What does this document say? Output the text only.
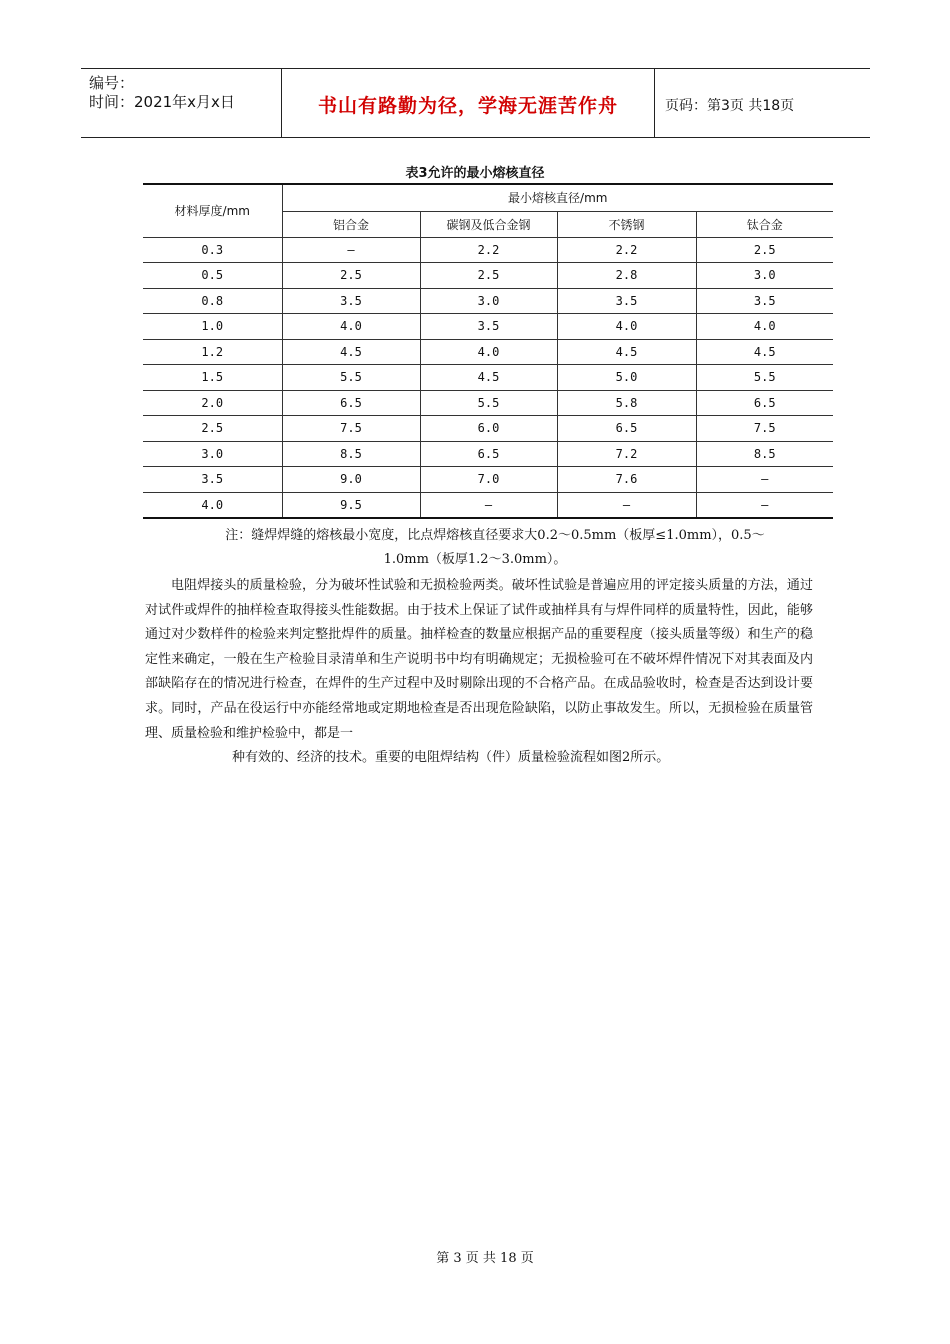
编号：
时间：2021年x月x日	书山有路勤为径，学海无涯苦作舟	页码：第3页 共18页
表3允许的最小熔核直径
材料厚度/mm	最小熔核直径/mm			
	铝合金	碳钢及低合金钢	不锈钢	钛合金
0.3	—	2.2	2.2	2.5
0.5	2.5	2.5	2.8	3.0
0.8	3.5	3.0	3.5	3.5
1.0	4.0	3.5	4.0	4.0
1.2	4.5	4.0	4.5	4.5
1.5	5.5	4.5	5.0	5.5
2.0	6.5	5.5	5.8	6.5
2.5	7.5	6.0	6.5	7.5
3.0	8.5	6.5	7.2	8.5
3.5	9.0	7.0	7.6	—
4.0	9.5	—	—	—
注：缝焊焊缝的熔核最小宽度，比点焊熔核直径要求大0.2～0.5mm（板厚≤1.0mm），0.5～
1.0mm（板厚1.2～3.0mm）。
电阻焊接头的质量检验，分为破坏性试验和无损检验两类。破坏性试验是普遍应用的评定接头质量的方法，通过对试件或焊件的抽样检查取得接头性能数据。由于技术上保证了试件或抽样具有与焊件同样的质量特性，因此，能够通过对少数样件的检验来判定整批焊件的质量。抽样检查的数量应根据产品的重要程度（接头质量等级）和生产的稳定性来确定，一般在生产检验目录清单和生产说明书中均有明确规定；无损检验可在不破坏焊件情况下对其表面及内部缺陷存在的情况进行检查，在焊件的生产过程中及时剔除出现的不合格产品。在成品验收时，检查是否达到设计要求。同时，产品在役运行中亦能经常地或定期地检查是否出现危险缺陷，以防止事故发生。所以，无损检验在质量管理、质量检验和维护检验中，都是一
种有效的、经济的技术。重要的电阻焊结构（件）质量检验流程如图2所示。
第 3 页 共 18 页
